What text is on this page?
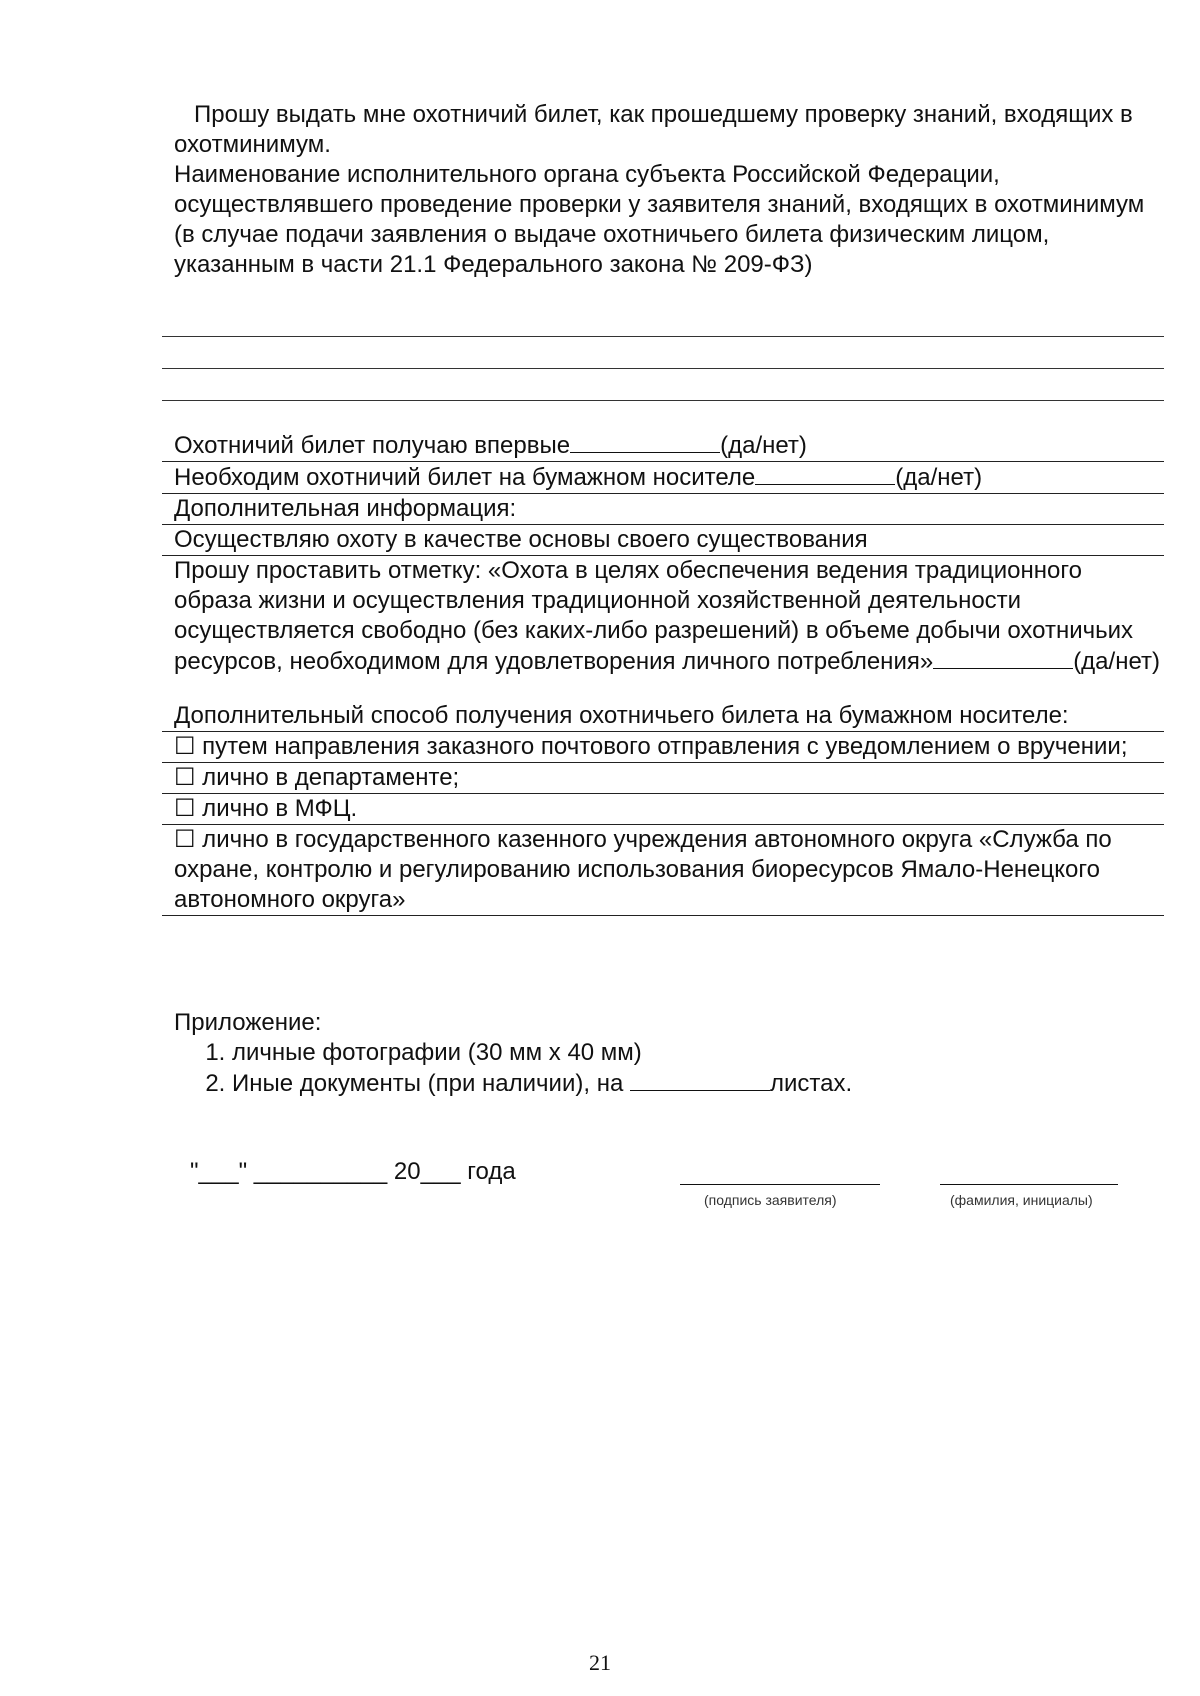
Прошу выдать мне охотничий билет, как прошедшему проверку знаний, входящих в охотминимум.

Наименование исполнительного органа субъекта Российской Федерации, осуществлявшего проведение проверки у заявителя знаний, входящих в охотминимум (в случае подачи заявления о выдаче охотничьего билета физическим лицом, указанным в части 21.1 Федерального закона № 209-ФЗ)

Охотничий билет получаю впервые	(да/нет)
Необходим охотничий билет на бумажном носителе	(да/нет)
Дополнительная информация:
Осуществляю охоту в качестве основы своего существования
Прошу проставить отметку: «Охота в целях обеспечения ведения традиционного образа жизни и осуществления традиционной хозяйственной деятельности осуществляется свободно (без каких-либо разрешений) в объеме добычи охотничьих ресурсов, необходимом для удовлетворения личного потребления»	(да/нет)
Дополнительный способ получения охотничьего билета на бумажном носителе:
☐ путем направления заказного почтового отправления с уведомлением о вручении;
☐ лично в департаменте;
☐ лично в МФЦ.
☐ лично в государственного казенного учреждения автономного округа «Служба по охране, контролю и регулированию использования биоресурсов Ямало-Ненецкого автономного округа»
Приложение:
1. личные фотографии (30 мм х 40 мм)
2. Иные документы (при наличии), на	листах.
"___" __________ 20___ года
(подпись заявителя)	(фамилия, инициалы)
21
